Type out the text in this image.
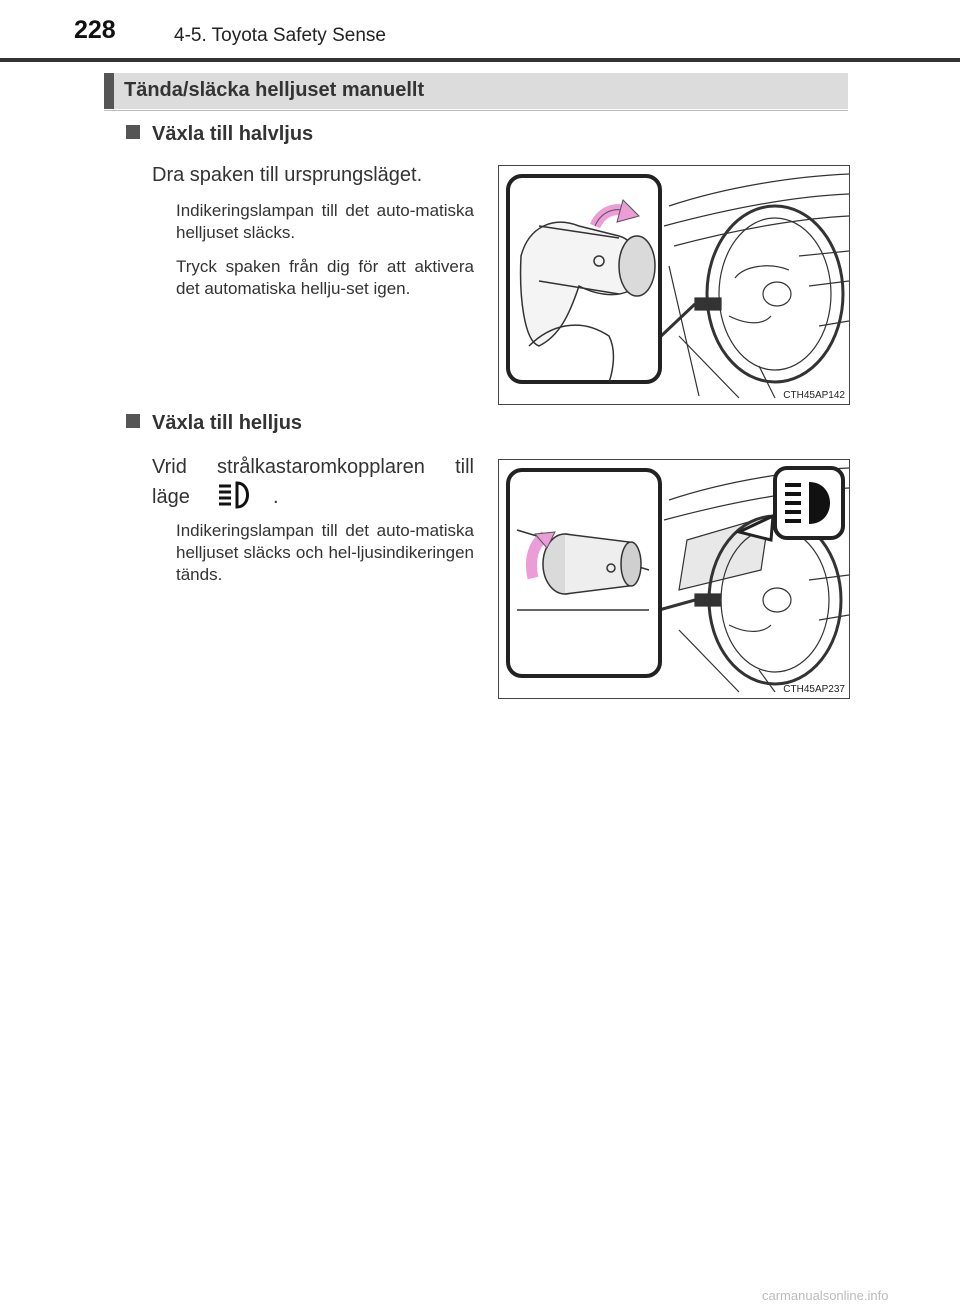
228	4-5. Toyota Safety Sense
Tända/släcka helljuset manuellt
Växla till halvljus
Dra spaken till ursprungsläget.
Indikeringslampan till det auto-matiska helljuset släcks.
Tryck spaken från dig för att aktivera det automatiska hellju-set igen.
CTH45AP142
Växla till helljus
Vrid strålkastaromkopplaren till
läge	.
Indikeringslampan till det auto-matiska helljuset släcks och hel-ljusindikeringen tänds.
CTH45AP237
carmanualsonline.info
